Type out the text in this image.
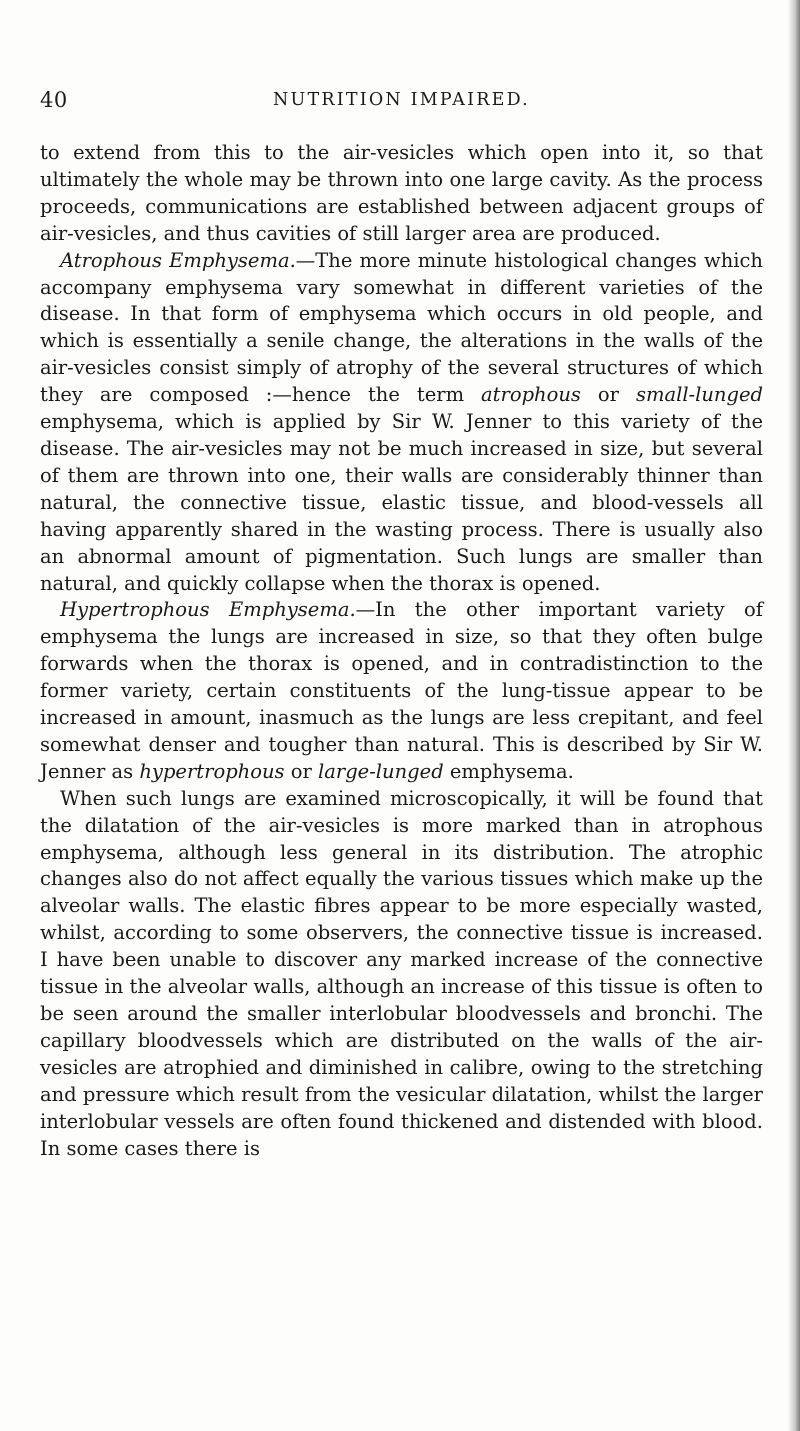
40	NUTRITION IMPAIRED.

to extend from this to the air-vesicles which open into it, so that ultimately the whole may be thrown into one large cavity. As the process proceeds, communications are established between adjacent groups of air-vesicles, and thus cavities of still larger area are produced.

Atrophous Emphysema.—The more minute histological changes which accompany emphysema vary somewhat in different varieties of the disease. In that form of emphysema which occurs in old people, and which is essentially a senile change, the alterations in the walls of the air-vesicles consist simply of atrophy of the several structures of which they are composed :—hence the term atrophous or small-lunged emphysema, which is applied by Sir W. Jenner to this variety of the disease. The air-vesicles may not be much increased in size, but several of them are thrown into one, their walls are considerably thinner than natural, the connective tissue, elastic tissue, and blood-vessels all having apparently shared in the wasting process. There is usually also an abnormal amount of pigmentation. Such lungs are smaller than natural, and quickly collapse when the thorax is opened.

Hypertrophous Emphysema.—In the other important variety of emphysema the lungs are increased in size, so that they often bulge forwards when the thorax is opened, and in contradistinction to the former variety, certain constituents of the lung-tissue appear to be increased in amount, inasmuch as the lungs are less crepitant, and feel somewhat denser and tougher than natural. This is described by Sir W. Jenner as hypertrophous or large-lunged emphysema.

When such lungs are examined microscopically, it will be found that the dilatation of the air-vesicles is more marked than in atrophous emphysema, although less general in its distribution. The atrophic changes also do not affect equally the various tissues which make up the alveolar walls. The elastic fibres appear to be more especially wasted, whilst, according to some observers, the connective tissue is increased. I have been unable to discover any marked increase of the connective tissue in the alveolar walls, although an increase of this tissue is often to be seen around the smaller interlobular bloodvessels and bronchi. The capillary bloodvessels which are distributed on the walls of the air-vesicles are atrophied and diminished in calibre, owing to the stretching and pressure which result from the vesicular dilatation, whilst the larger interlobular vessels are often found thickened and distended with blood. In some cases there is
